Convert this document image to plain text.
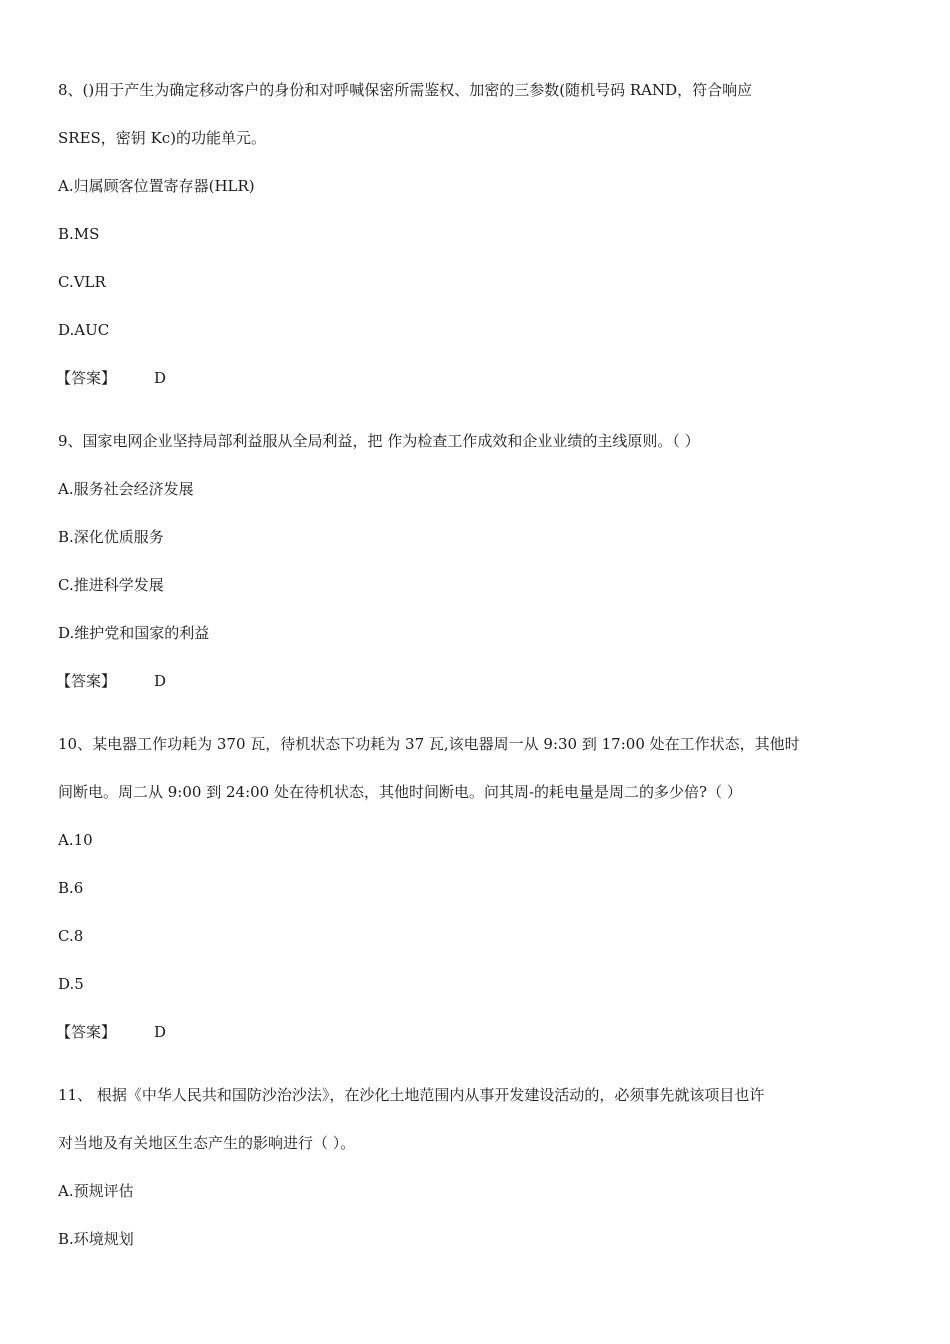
8、()用于产生为确定移动客户的身份和对呼喊保密所需鉴权、加密的三参数(随机号码 RAND，符合响应
SRES，密钥 Kc)的功能单元。
A.归属顾客位置寄存器(HLR)
B.MS
C.VLR
D.AUC
【答案】	D
9、国家电网企业坚持局部利益服从全局利益，把 作为检查工作成效和企业业绩的主线原则。（ ）
A.服务社会经济发展
B.深化优质服务
C.推进科学发展
D.维护党和国家的利益
【答案】	D
10、某电器工作功耗为 370 瓦，待机状态下功耗为 37 瓦,该电器周一从 9:30 到 17:00 处在工作状态，其他时
间断电。周二从 9:00 到 24:00 处在待机状态，其他时间断电。问其周-的耗电量是周二的多少倍?（ ）
A.10
B.6
C.8
D.5
【答案】	D
11、 根据《中华人民共和国防沙治沙法》，在沙化土地范围内从事开发建设活动的，必须事先就该项目也许
对当地及有关地区生态产生的影响进行（ ）。
A.预规评估
B.环境规划
